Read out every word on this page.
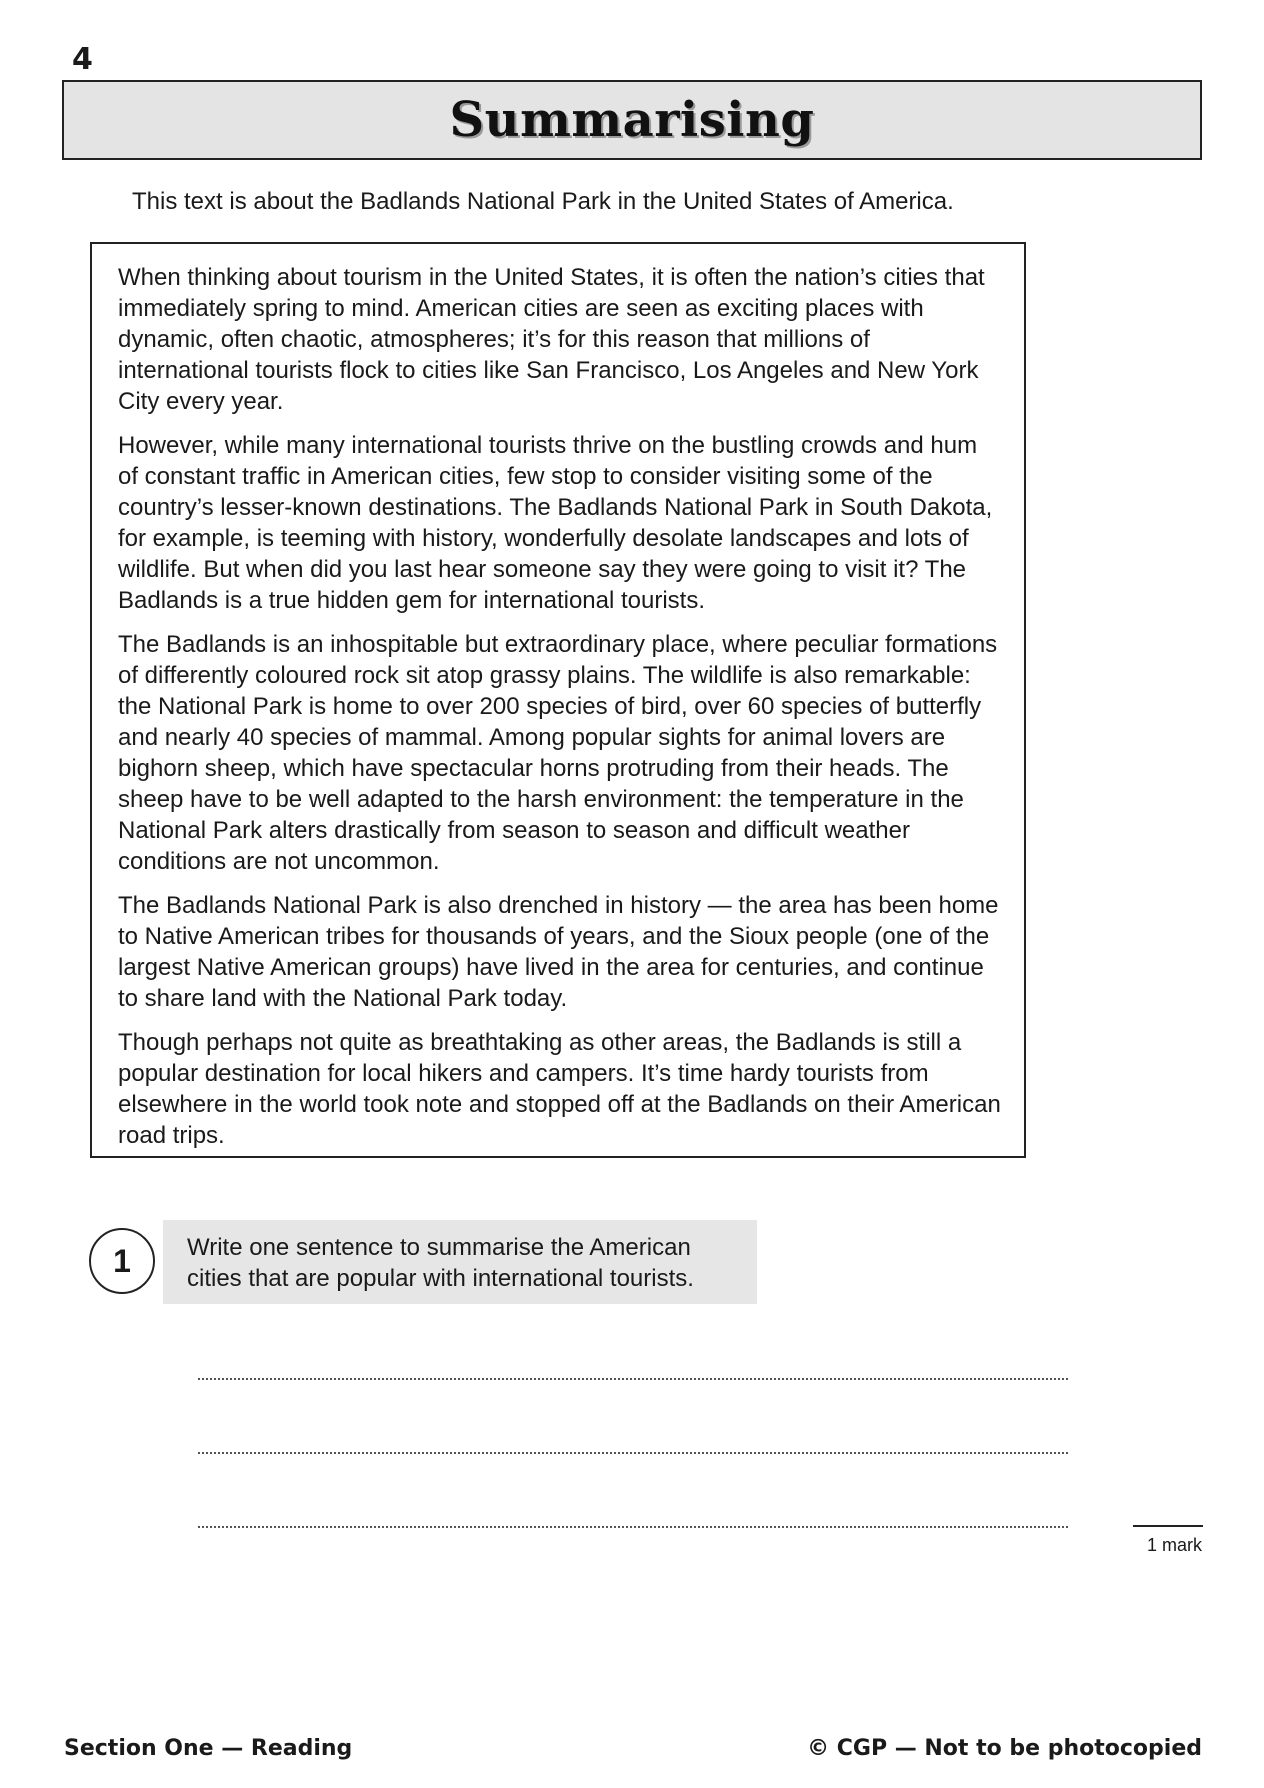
4
Summarising
This text is about the Badlands National Park in the United States of America.

When thinking about tourism in the United States, it is often the nation’s cities that immediately spring to mind. American cities are seen as exciting places with dynamic, often chaotic, atmospheres; it’s for this reason that millions of international tourists flock to cities like San Francisco, Los Angeles and New York City every year.

However, while many international tourists thrive on the bustling crowds and hum of constant traffic in American cities, few stop to consider visiting some of the country’s lesser-known destinations. The Badlands National Park in South Dakota, for example, is teeming with history, wonderfully desolate landscapes and lots of wildlife. But when did you last hear someone say they were going to visit it? The Badlands is a true hidden gem for international tourists.

The Badlands is an inhospitable but extraordinary place, where peculiar formations of differently coloured rock sit atop grassy plains. The wildlife is also remarkable: the National Park is home to over 200 species of bird, over 60 species of butterfly and nearly 40 species of mammal. Among popular sights for animal lovers are bighorn sheep, which have spectacular horns protruding from their heads. The sheep have to be well adapted to the harsh environment: the temperature in the National Park alters drastically from season to season and difficult weather conditions are not uncommon.

The Badlands National Park is also drenched in history — the area has been home to Native American tribes for thousands of years, and the Sioux people (one of the largest Native American groups) have lived in the area for centuries, and continue to share land with the National Park today.

Though perhaps not quite as breathtaking as other areas, the Badlands is still a popular destination for local hikers and campers. It’s time hardy tourists from elsewhere in the world took note and stopped off at the Badlands on their American road trips.

1	Write one sentence to summarise the American cities that are popular with international tourists.
1 mark
Section One — Reading	© CGP — Not to be photocopied
